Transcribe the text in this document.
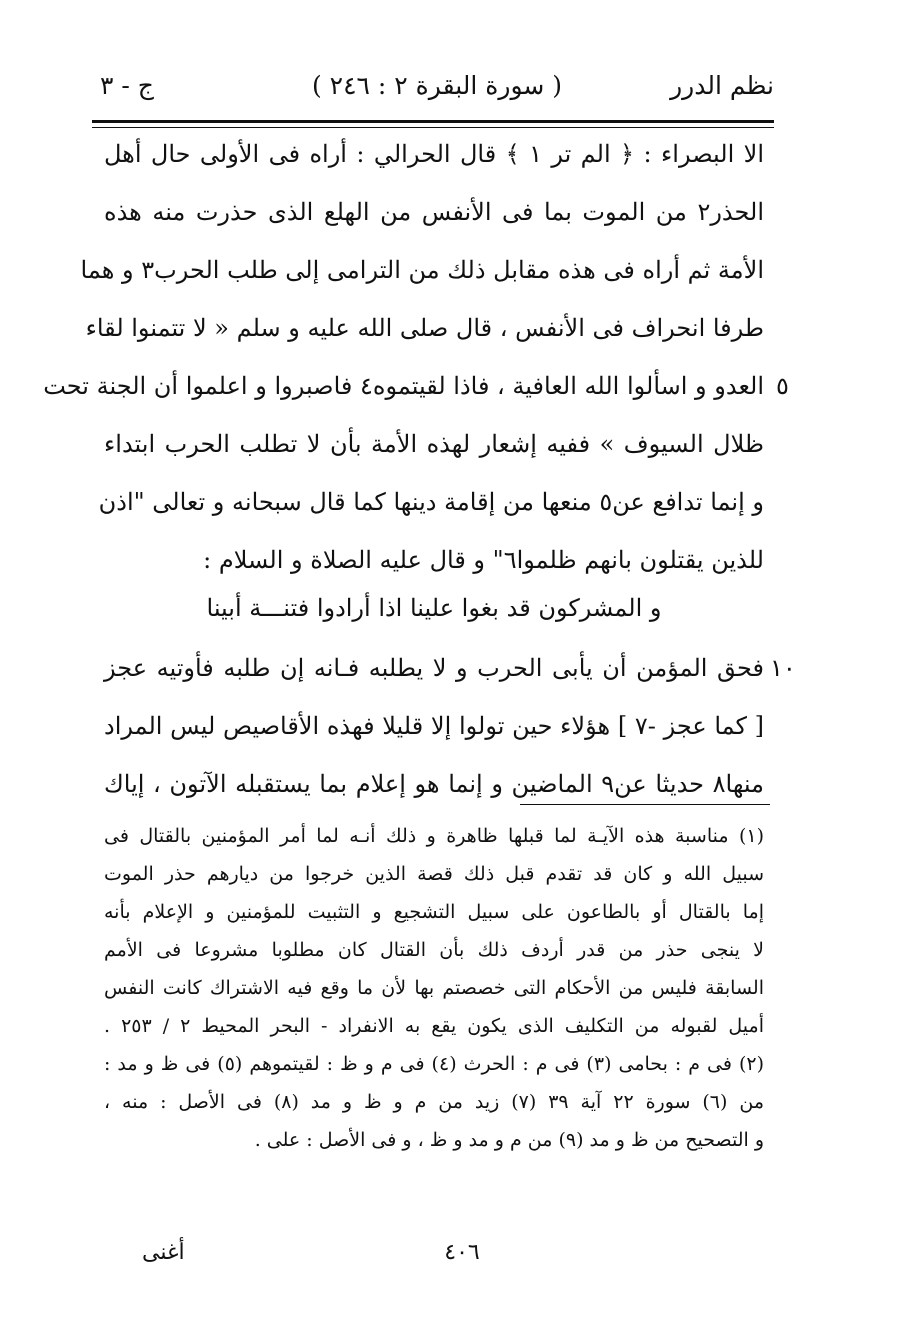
نظم الدرر
( سورة البقرة ٢ : ٢٤٦ )
ج - ٣
الا البصراء : ﴿ الم تر ١ ﴾ قال الحرالي : أراه فى الأولى حال أهل
الحذر٢ من الموت بما فى الأنفس من الهلع الذى حذرت منه هذه
الأمة ثم أراه فى هذه مقابل ذلك من الترامى إلى طلب الحرب٣ و هما
طرفا انحراف فى الأنفس ، قال صلى الله عليه و سلم « لا تتمنوا لقاء
العدو و اسألوا الله العافية ، فاذا لقيتموه٤ فاصبروا و اعلموا أن الجنة تحت
ظلال السيوف » ففيه إشعار لهذه الأمة بأن لا تطلب الحرب ابتداء
و إنما تدافع عن٥ منعها من إقامة دينها كما قال سبحانه و تعالى "اذن
للذين يقتلون بانهم ظلموا٦" و قال عليه الصلاة و السلام :
و المشركون قد بغوا علينا اذا أرادوا فتنـــة أبينا
فحق المؤمن أن يأبى الحرب و لا يطلبه فـانه إن طلبه فأوتيه عجز
[ كما عجز -٧ ] هؤلاء حين تولوا إلا قليلا فهذه الأقاصيص ليس المراد
منها٨ حديثا عن٩ الماضين و إنما هو إعلام بما يستقبله الآتون ، إياك
٥
١٠
(١) مناسبة هذه الآيـة لما قبلها ظاهرة و ذلك أنـه لما أمر المؤمنين بالقتال فى
سبيل الله و كان قد تقدم قبل ذلك قصة الذين خرجوا من ديارهم حذر الموت
إما بالقتال أو بالطاعون على سبيل التشجيع و التثبيت للمؤمنين و الإعلام بأنه
لا ينجى حذر من قدر أردف ذلك بأن القتال كان مطلوبا مشروعا فى الأمم
السابقة فليس من الأحكام التى خصصتم بها لأن ما وقع فيه الاشتراك كانت النفس
أميل لقبوله من التكليف الذى يكون يقع به الانفراد - البحر المحيط ٢ / ٢٥٣ .
(٢) فى م : بحامى (٣) فى م : الحرث (٤) فى م و ظ : لقيتموهم (٥) فى ظ و مد :
من (٦) سورة ٢٢ آية ٣٩ (٧) زيد من م و ظ و مد (٨) فى الأصل : منه ،
و التصحيح من ظ و مد (٩) من م و مد و ظ ، و فى الأصل : على .
٤٠٦
أغنى
